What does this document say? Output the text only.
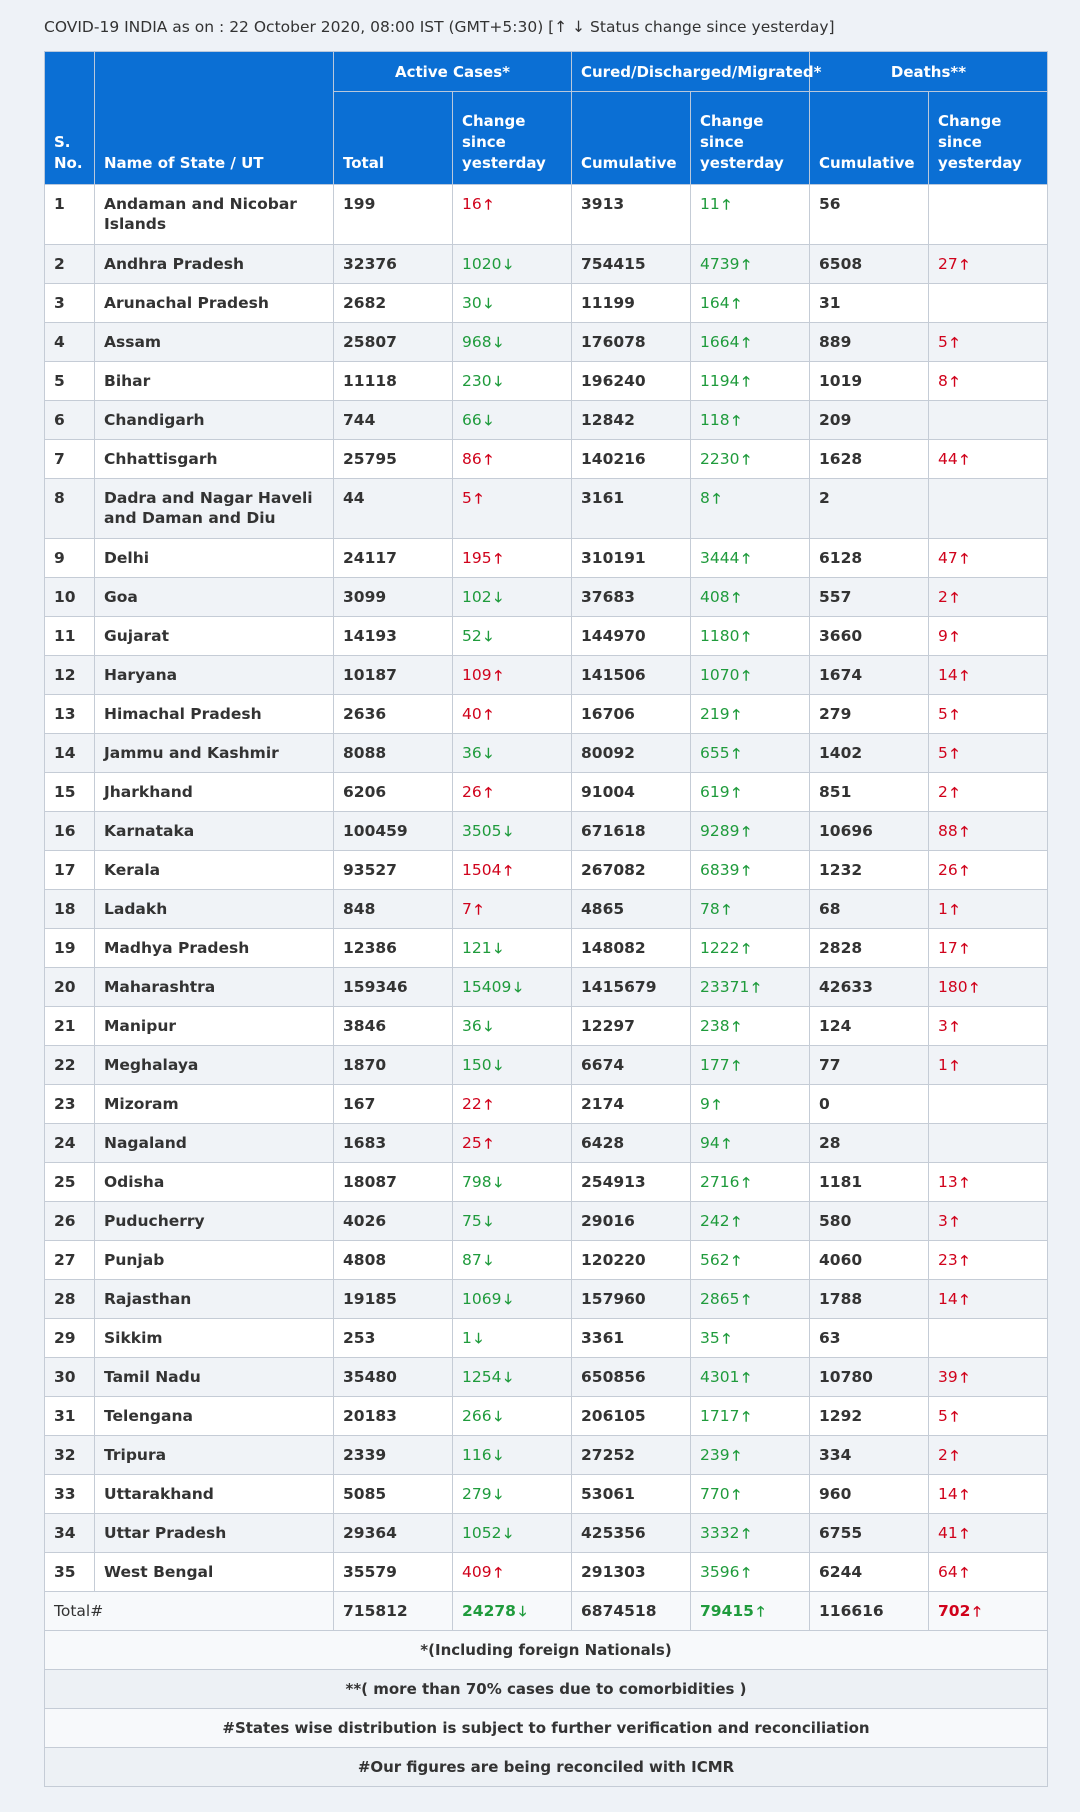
COVID-19 INDIA as on : 22 October 2020, 08:00 IST (GMT+5:30) [↑ ↓ Status change since yesterday]
S. No.	Name of State / UT	Active Cases*		Cured/Discharged/Migrated*		Deaths**	
		Total	Change since yesterday	Cumulative	Change since yesterday	Cumulative	Change since yesterday
1	Andaman and Nicobar Islands	199	16 🡑	3913	11 🡑	56	
2	Andhra Pradesh	32376	1020 🡓	754415	4739 🡑	6508	27 🡑
3	Arunachal Pradesh	2682	30 🡓	11199	164 🡑	31	
4	Assam	25807	968 🡓	176078	1664 🡑	889	5 🡑
5	Bihar	11118	230 🡓	196240	1194 🡑	1019	8 🡑
6	Chandigarh	744	66 🡓	12842	118 🡑	209	
7	Chhattisgarh	25795	86 🡑	140216	2230 🡑	1628	44 🡑
8	Dadra and Nagar Haveli and Daman and Diu	44	5 🡑	3161	8 🡑	2	
9	Delhi	24117	195 🡑	310191	3444 🡑	6128	47 🡑
10	Goa	3099	102 🡓	37683	408 🡑	557	2 🡑
11	Gujarat	14193	52 🡓	144970	1180 🡑	3660	9 🡑
12	Haryana	10187	109 🡑	141506	1070 🡑	1674	14 🡑
13	Himachal Pradesh	2636	40 🡑	16706	219 🡑	279	5 🡑
14	Jammu and Kashmir	8088	36 🡓	80092	655 🡑	1402	5 🡑
15	Jharkhand	6206	26 🡑	91004	619 🡑	851	2 🡑
16	Karnataka	100459	3505 🡓	671618	9289 🡑	10696	88 🡑
17	Kerala	93527	1504 🡑	267082	6839 🡑	1232	26 🡑
18	Ladakh	848	7 🡑	4865	78 🡑	68	1 🡑
19	Madhya Pradesh	12386	121 🡓	148082	1222 🡑	2828	17 🡑
20	Maharashtra	159346	15409 🡓	1415679	23371 🡑	42633	180 🡑
21	Manipur	3846	36 🡓	12297	238 🡑	124	3 🡑
22	Meghalaya	1870	150 🡓	6674	177 🡑	77	1 🡑
23	Mizoram	167	22 🡑	2174	9 🡑	0	
24	Nagaland	1683	25 🡑	6428	94 🡑	28	
25	Odisha	18087	798 🡓	254913	2716 🡑	1181	13 🡑
26	Puducherry	4026	75 🡓	29016	242 🡑	580	3 🡑
27	Punjab	4808	87 🡓	120220	562 🡑	4060	23 🡑
28	Rajasthan	19185	1069 🡓	157960	2865 🡑	1788	14 🡑
29	Sikkim	253	1 🡓	3361	35 🡑	63	
30	Tamil Nadu	35480	1254 🡓	650856	4301 🡑	10780	39 🡑
31	Telengana	20183	266 🡓	206105	1717 🡑	1292	5 🡑
32	Tripura	2339	116 🡓	27252	239 🡑	334	2 🡑
33	Uttarakhand	5085	279 🡓	53061	770 🡑	960	14 🡑
34	Uttar Pradesh	29364	1052 🡓	425356	3332 🡑	6755	41 🡑
35	West Bengal	35579	409 🡑	291303	3596 🡑	6244	64 🡑
Total#		715812	24278 🡓	6874518	79415 🡑	116616	702 🡑
*(Including foreign Nationals)							
**( more than 70% cases due to comorbidities )							
#States wise distribution is subject to further verification and reconciliation							
#Our figures are being reconciled with ICMR							
